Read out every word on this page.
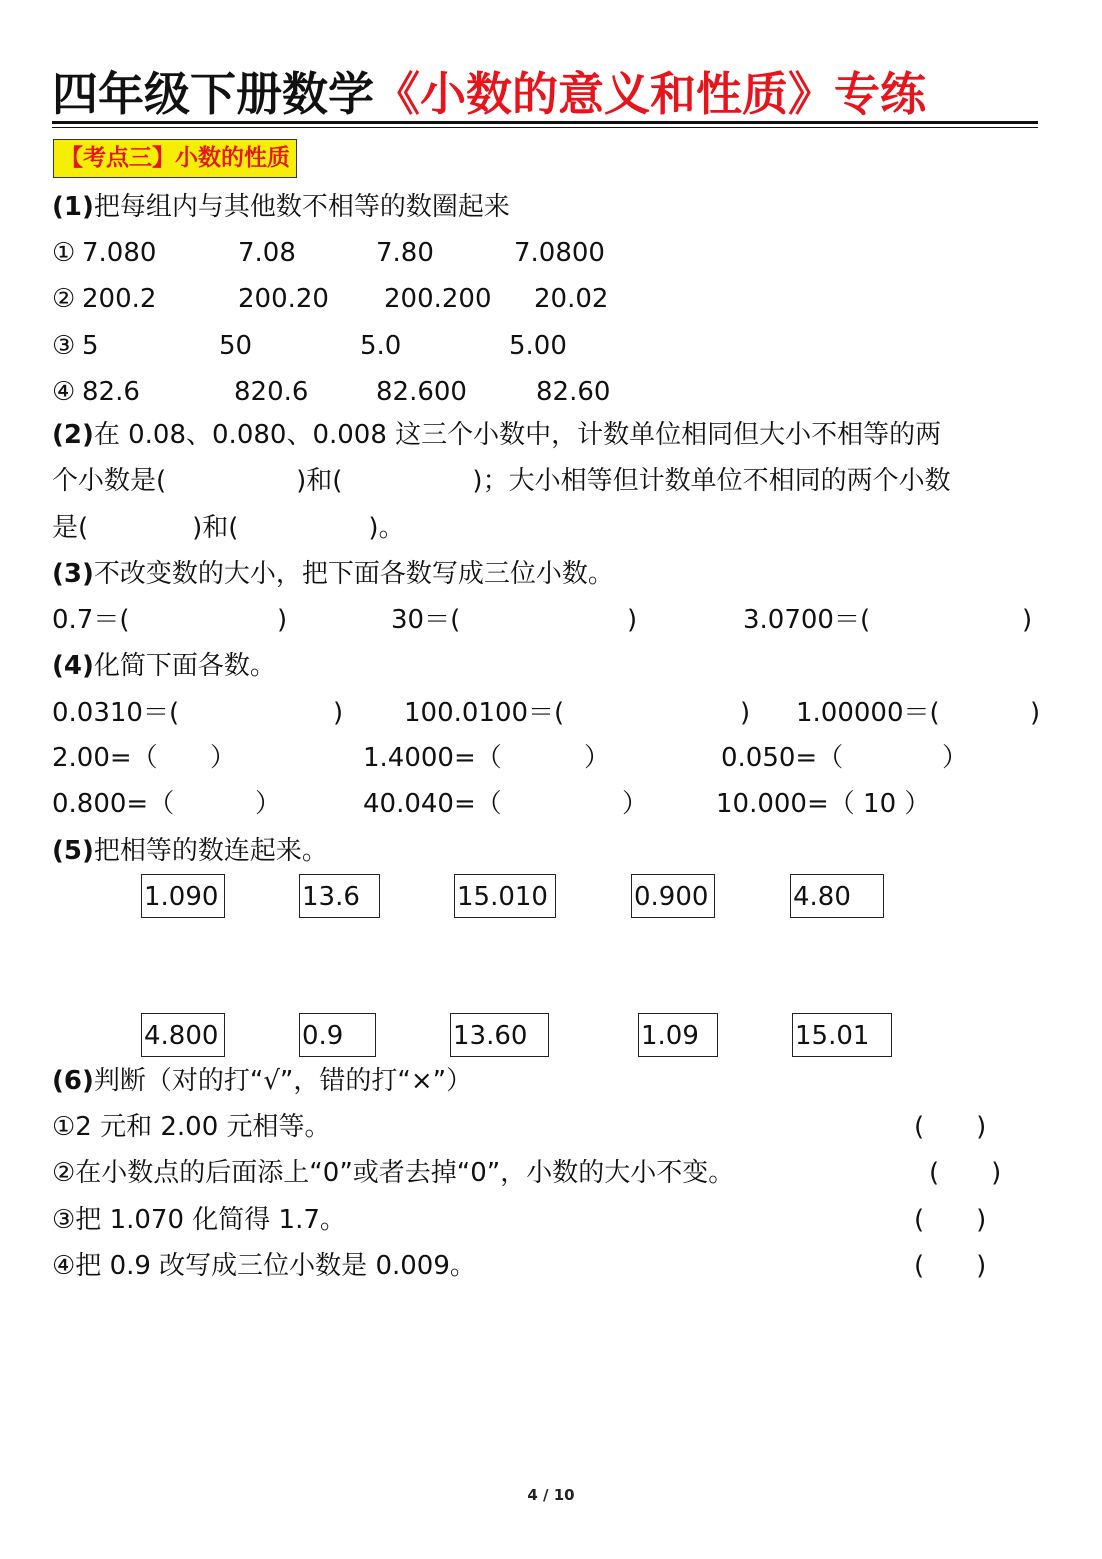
四年级下册数学《小数的意义和性质》专练
【考点三】小数的性质
(1)把每组内与其他数不相等的数圈起来
① 7.080	7.08	7.80	7.0800
② 200.2	200.20 200.200 20.02
③ 5	50	5.0	5.00
④ 82.6	820.6	82.600	82.60
(2)在 0.08、0.080、0.008 这三个小数中，计数单位相同但大小不相等的两
个小数是(　　　　　)和(　　　　　)；大小相等但计数单位不相同的两个小数
是(　　　　)和(　　　　　)。
(3)不改变数的大小，把下面各数写成三位小数。
0.7＝(	)	30＝(	)	3.0700＝(	)
(4)化简下面各数。
0.0310＝(	) 100.0100＝(	) 1.00000＝(	)
2.00=（ ）	1.4000=（	）	0.050=（	）
0.800=（	）	40.040=（	）	10.000=（ 10 ）
(5)把相等的数连起来。
1.090	13.6	15.010	0.900	4.80
4.800	0.9	13.60	1.09	15.01
(6)判断（对的打“√”，错的打“×”）
①2 元和 2.00 元相等。	(　　)
②在小数点的后面添上“0”或者去掉“0”，小数的大小不变。	(　　)
③把 1.070 化简得 1.7。	(　　)
④把 0.9 改写成三位小数是 0.009。	(　　)
4 / 10
